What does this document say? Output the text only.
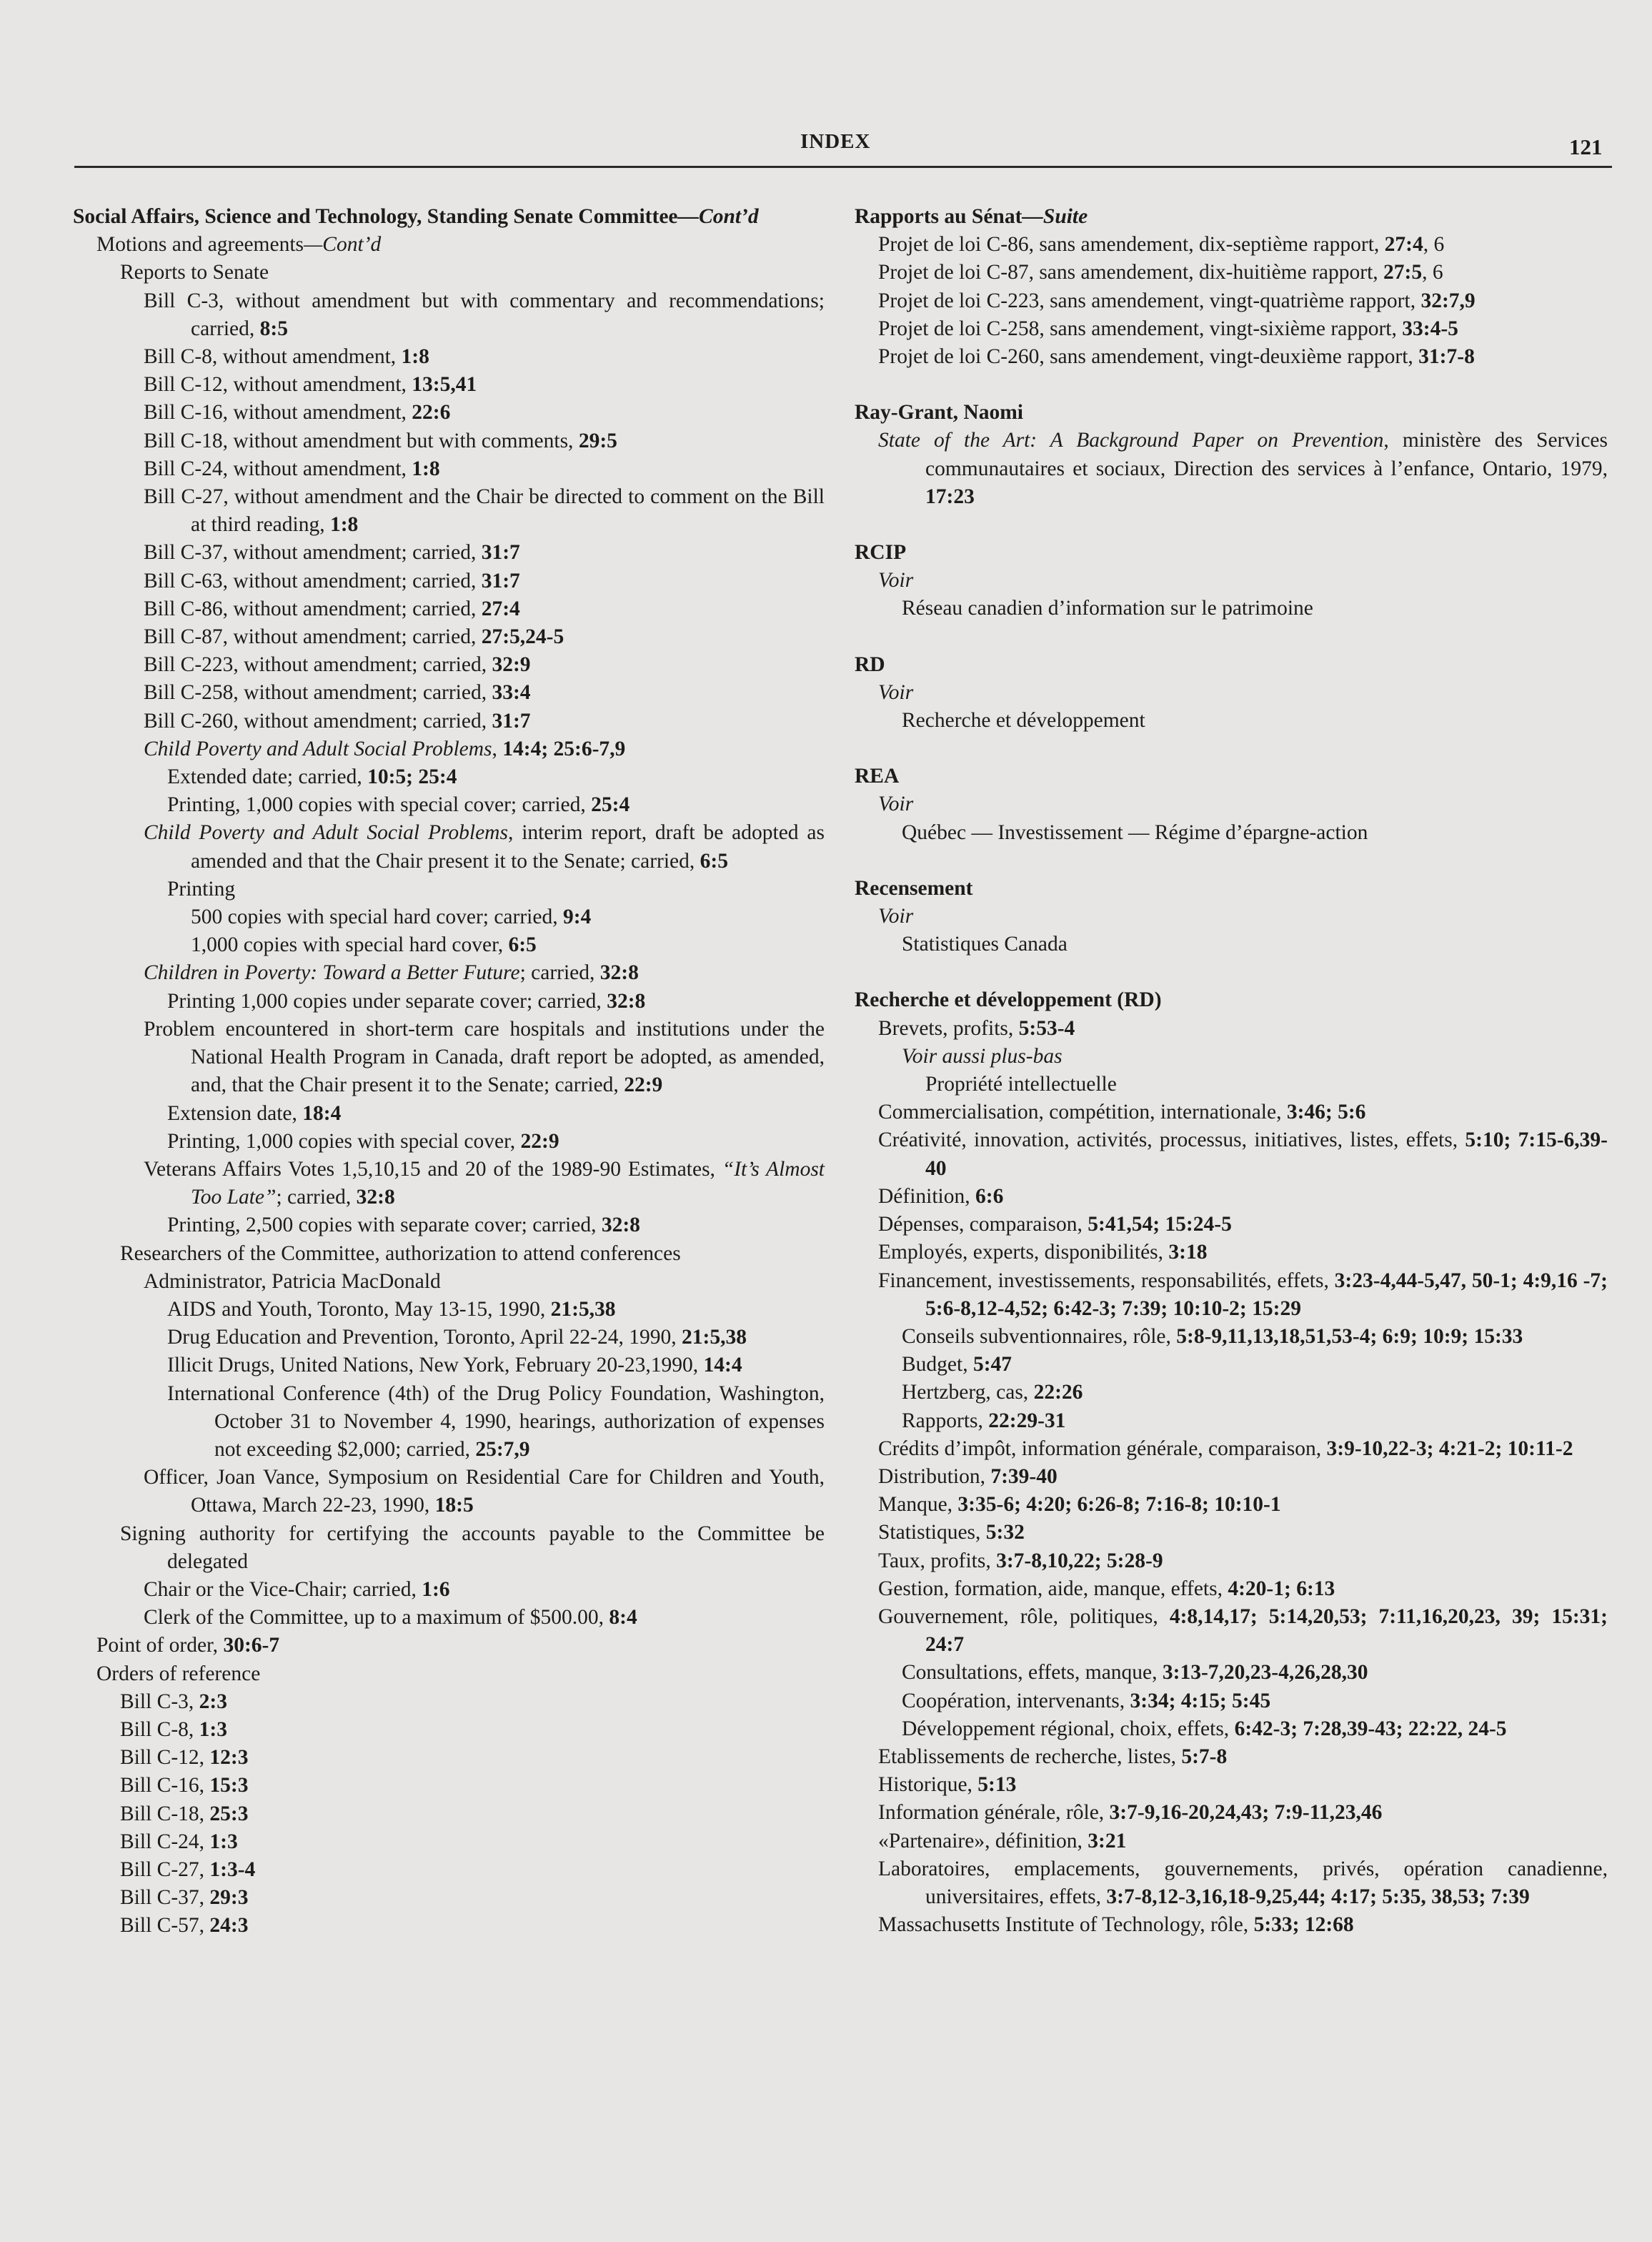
INDEX	121
Social Affairs, Science and Technology, Standing Senate Committee—Cont’d
Motions and agreements—Cont’d
Reports to Senate
Bill C-3, without amendment but with commentary and recommendations; carried, 8:5
Bill C-8, without amendment, 1:8
Bill C-12, without amendment, 13:5,41
Bill C-16, without amendment, 22:6
Bill C-18, without amendment but with comments, 29:5
Bill C-24, without amendment, 1:8
Bill C-27, without amendment and the Chair be directed to comment on the Bill at third reading, 1:8
Bill C-37, without amendment; carried, 31:7
Bill C-63, without amendment; carried, 31:7
Bill C-86, without amendment; carried, 27:4
Bill C-87, without amendment; carried, 27:5,24-5
Bill C-223, without amendment; carried, 32:9
Bill C-258, without amendment; carried, 33:4
Bill C-260, without amendment; carried, 31:7
Child Poverty and Adult Social Problems, 14:4; 25:6-7,9
Extended date; carried, 10:5; 25:4
Printing, 1,000 copies with special cover; carried, 25:4
Child Poverty and Adult Social Problems, interim report, draft be adopted as amended and that the Chair present it to the Senate; carried, 6:5
Printing
500 copies with special hard cover; carried, 9:4
1,000 copies with special hard cover, 6:5
Children in Poverty: Toward a Better Future; carried, 32:8
Printing 1,000 copies under separate cover; carried, 32:8
Problem encountered in short-term care hospitals and institutions under the National Health Program in Canada, draft report be adopted, as amended, and, that the Chair present it to the Senate; carried, 22:9
Extension date, 18:4
Printing, 1,000 copies with special cover, 22:9
Veterans Affairs Votes 1,5,10,15 and 20 of the 1989-90 Estimates, “It’s Almost Too Late”; carried, 32:8
Printing, 2,500 copies with separate cover; carried, 32:8
Researchers of the Committee, authorization to attend conferences
Administrator, Patricia MacDonald
AIDS and Youth, Toronto, May 13-15, 1990, 21:5,38
Drug Education and Prevention, Toronto, April 22-24, 1990, 21:5,38
Illicit Drugs, United Nations, New York, February 20-23,1990, 14:4
International Conference (4th) of the Drug Policy Foundation, Washington, October 31 to November 4, 1990, hearings, authorization of expenses not exceeding $2,000; carried, 25:7,9
Officer, Joan Vance, Symposium on Residential Care for Children and Youth, Ottawa, March 22-23, 1990, 18:5
Signing authority for certifying the accounts payable to the Committee be delegated
Chair or the Vice-Chair; carried, 1:6
Clerk of the Committee, up to a maximum of $500.00, 8:4
Point of order, 30:6-7
Orders of reference
Bill C-3, 2:3
Bill C-8, 1:3
Bill C-12, 12:3
Bill C-16, 15:3
Bill C-18, 25:3
Bill C-24, 1:3
Bill C-27, 1:3-4
Bill C-37, 29:3
Bill C-57, 24:3
Rapports au Sénat—Suite
Projet de loi C-86, sans amendement, dix-septième rapport, 27:4, 6
Projet de loi C-87, sans amendement, dix-huitième rapport, 27:5, 6
Projet de loi C-223, sans amendement, vingt-quatrième rapport, 32:7,9
Projet de loi C-258, sans amendement, vingt-sixième rapport, 33:4-5
Projet de loi C-260, sans amendement, vingt-deuxième rapport, 31:7-8
Ray-Grant, Naomi
State of the Art: A Background Paper on Prevention, ministère des Services communautaires et sociaux, Direction des services à l’enfance, Ontario, 1979, 17:23
RCIP
Voir
Réseau canadien d’information sur le patrimoine
RD
Voir
Recherche et développement
REA
Voir
Québec — Investissement — Régime d’épargne-action
Recensement
Voir
Statistiques Canada
Recherche et développement (RD)
Brevets, profits, 5:53-4
Voir aussi plus-bas
Propriété intellectuelle
Commercialisation, compétition, internationale, 3:46; 5:6
Créativité, innovation, activités, processus, initiatives, listes, effets, 5:10; 7:15-6,39-40
Définition, 6:6
Dépenses, comparaison, 5:41,54; 15:24-5
Employés, experts, disponibilités, 3:18
Financement, investissements, responsabilités, effets, 3:23-4,44-5,47, 50-1; 4:9,16 -7; 5:6-8,12-4,52; 6:42-3; 7:39; 10:10-2; 15:29
Conseils subventionnaires, rôle, 5:8-9,11,13,18,51,53-4; 6:9; 10:9; 15:33
Budget, 5:47
Hertzberg, cas, 22:26
Rapports, 22:29-31
Crédits d’impôt, information générale, comparaison, 3:9-10,22-3; 4:21-2; 10:11-2
Distribution, 7:39-40
Manque, 3:35-6; 4:20; 6:26-8; 7:16-8; 10:10-1
Statistiques, 5:32
Taux, profits, 3:7-8,10,22; 5:28-9
Gestion, formation, aide, manque, effets, 4:20-1; 6:13
Gouvernement, rôle, politiques, 4:8,14,17; 5:14,20,53; 7:11,16,20,23, 39; 15:31; 24:7
Consultations, effets, manque, 3:13-7,20,23-4,26,28,30
Coopération, intervenants, 3:34; 4:15; 5:45
Développement régional, choix, effets, 6:42-3; 7:28,39-43; 22:22, 24-5
Etablissements de recherche, listes, 5:7-8
Historique, 5:13
Information générale, rôle, 3:7-9,16-20,24,43; 7:9-11,23,46
«Partenaire», définition, 3:21
Laboratoires, emplacements, gouvernements, privés, opération canadienne, universitaires, effets, 3:7-8,12-3,16,18-9,25,44; 4:17; 5:35, 38,53; 7:39
Massachusetts Institute of Technology, rôle, 5:33; 12:68
